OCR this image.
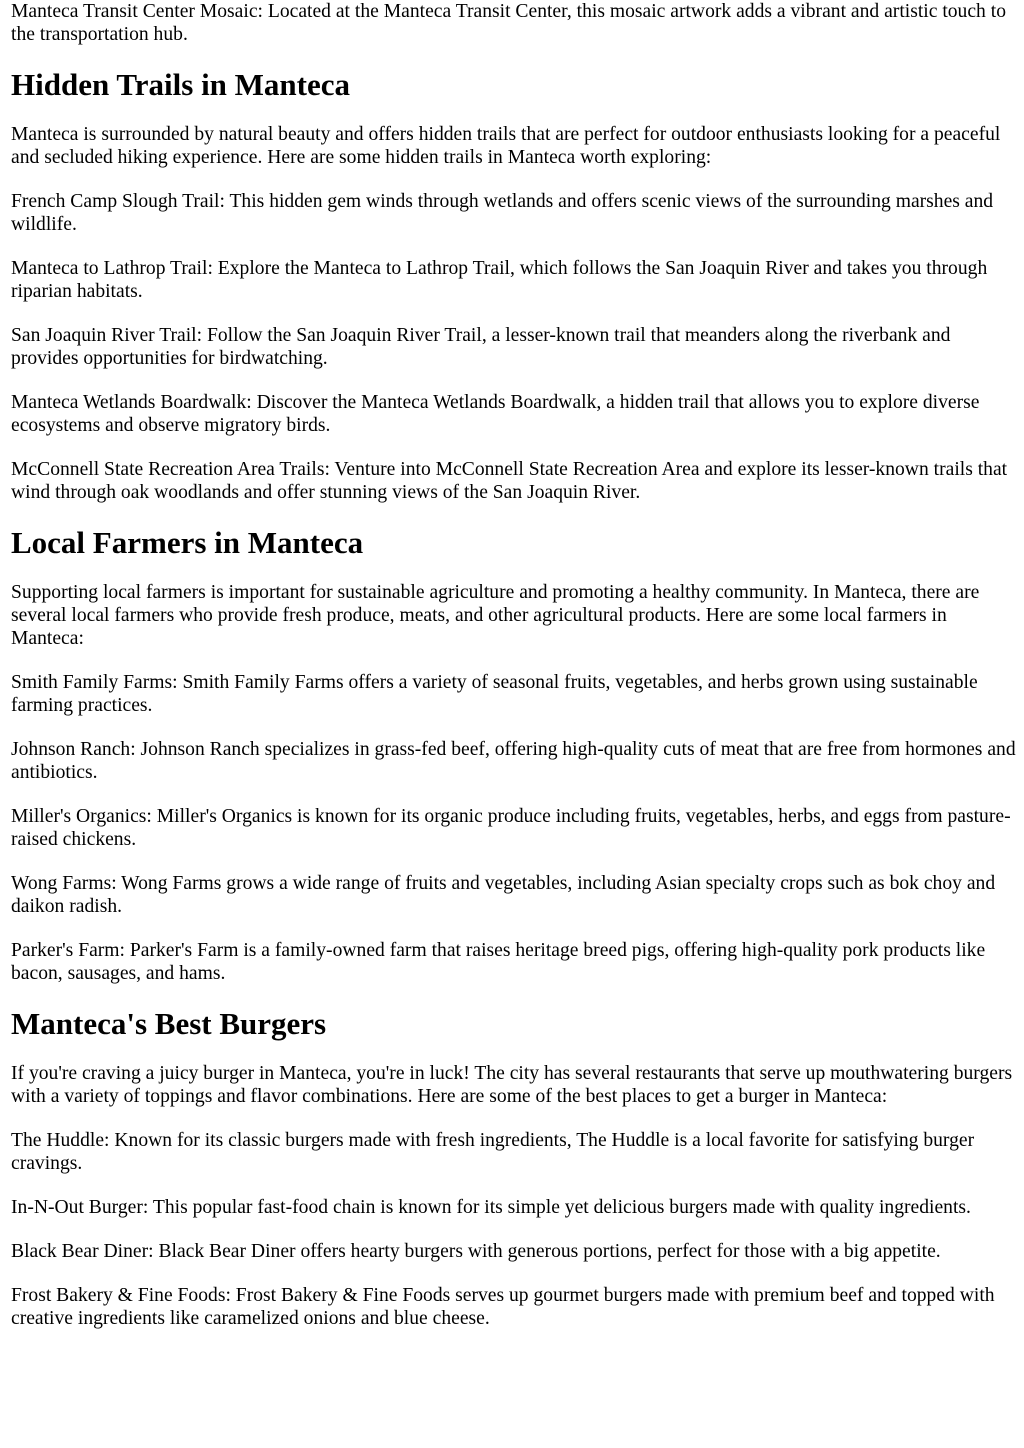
Manteca Transit Center Mosaic: Located at the Manteca Transit Center, this mosaic artwork adds a vibrant and artistic touch to the transportation hub.

Hidden Trails in Manteca

Manteca is surrounded by natural beauty and offers hidden trails that are perfect for outdoor enthusiasts looking for a peaceful and secluded hiking experience. Here are some hidden trails in Manteca worth exploring:

French Camp Slough Trail: This hidden gem winds through wetlands and offers scenic views of the surrounding marshes and wildlife.

Manteca to Lathrop Trail: Explore the Manteca to Lathrop Trail, which follows the San Joaquin River and takes you through riparian habitats.

San Joaquin River Trail: Follow the San Joaquin River Trail, a lesser-known trail that meanders along the riverbank and provides opportunities for birdwatching.

Manteca Wetlands Boardwalk: Discover the Manteca Wetlands Boardwalk, a hidden trail that allows you to explore diverse ecosystems and observe migratory birds.

McConnell State Recreation Area Trails: Venture into McConnell State Recreation Area and explore its lesser-known trails that wind through oak woodlands and offer stunning views of the San Joaquin River.

Local Farmers in Manteca

Supporting local farmers is important for sustainable agriculture and promoting a healthy community. In Manteca, there are several local farmers who provide fresh produce, meats, and other agricultural products. Here are some local farmers in Manteca:

Smith Family Farms: Smith Family Farms offers a variety of seasonal fruits, vegetables, and herbs grown using sustainable farming practices.

Johnson Ranch: Johnson Ranch specializes in grass-fed beef, offering high-quality cuts of meat that are free from hormones and antibiotics.

Miller's Organics: Miller's Organics is known for its organic produce including fruits, vegetables, herbs, and eggs from pasture-raised chickens.

Wong Farms: Wong Farms grows a wide range of fruits and vegetables, including Asian specialty crops such as bok choy and daikon radish.

Parker's Farm: Parker's Farm is a family-owned farm that raises heritage breed pigs, offering high-quality pork products like bacon, sausages, and hams.

Manteca's Best Burgers

If you're craving a juicy burger in Manteca, you're in luck! The city has several restaurants that serve up mouthwatering burgers with a variety of toppings and flavor combinations. Here are some of the best places to get a burger in Manteca:

The Huddle: Known for its classic burgers made with fresh ingredients, The Huddle is a local favorite for satisfying burger cravings.

In-N-Out Burger: This popular fast-food chain is known for its simple yet delicious burgers made with quality ingredients.

Black Bear Diner: Black Bear Diner offers hearty burgers with generous portions, perfect for those with a big appetite.

Frost Bakery & Fine Foods: Frost Bakery & Fine Foods serves up gourmet burgers made with premium beef and topped with creative ingredients like caramelized onions and blue cheese.
